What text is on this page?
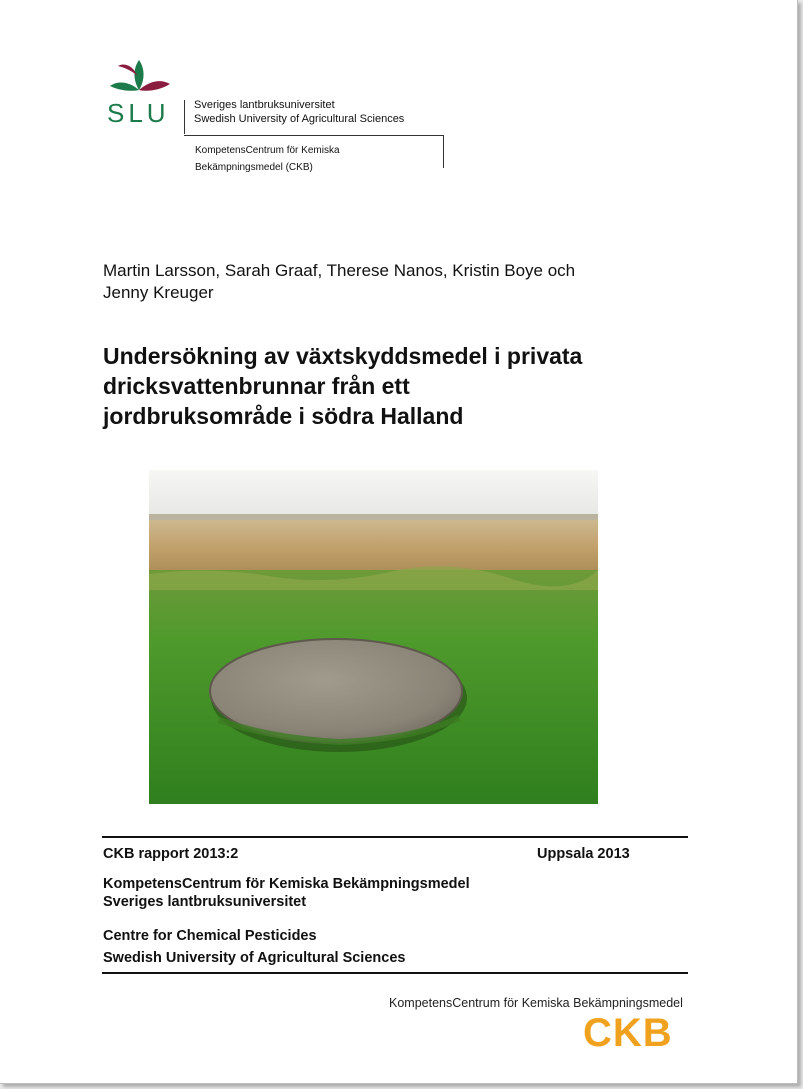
SLU Sveriges lantbruksuniversitet
Swedish University of Agricultural Sciences
KompetensCentrum för Kemiska
Bekämpningsmedel (CKB)
Martin Larsson, Sarah Graaf, Therese Nanos, Kristin Boye och
Jenny Kreuger
Undersökning av växtskyddsmedel i privata
dricksvattenbrunnar från ett
jordbruksområde i södra Halland
CKB rapport 2013:2	Uppsala 2013
KompetensCentrum för Kemiska Bekämpningsmedel
Sveriges lantbruksuniversitet
Centre for Chemical Pesticides
Swedish University of Agricultural Sciences
KompetensCentrum för Kemiska Bekämpningsmedel
CKB
